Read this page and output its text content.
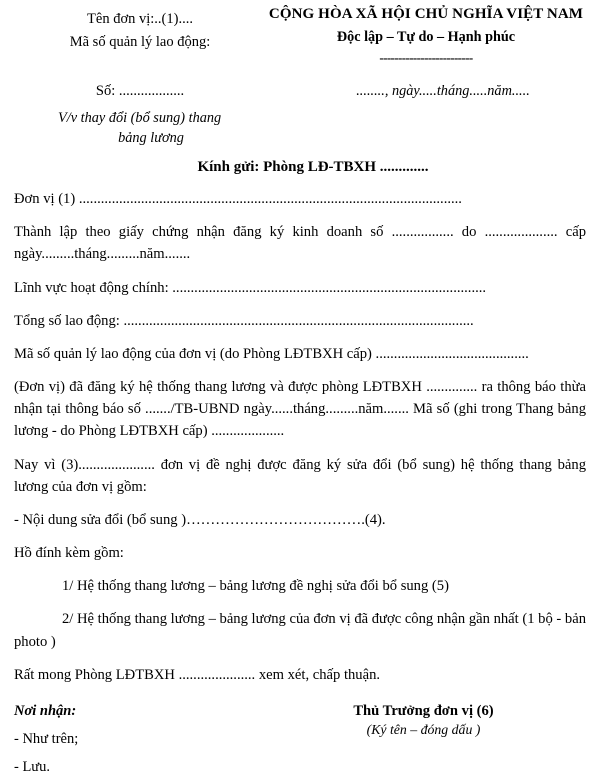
Tên đơn vị:..(1)....
Mã số quản lý lao động:
CỘNG HÒA XÃ HỘI CHỦ NGHĨA VIỆT NAM
Độc lập – Tự do – Hạnh phúc
-------------------------
Số: ..................	........, ngày.....tháng.....năm.....
V/v thay đổi (bổ sung) thang
bảng lương
Kính gửi: Phòng LĐ-TBXH .............

Đơn vị (1) .........................................................................................................

Thành lập theo giấy chứng nhận đăng ký kinh doanh số ................. do .................... cấp ngày.........tháng.........năm.......

Lĩnh vực hoạt động chính: ......................................................................................

Tổng số lao động: ................................................................................................

Mã số quản lý lao động của đơn vị (do Phòng LĐTBXH cấp) ..........................................

(Đơn vị) đã đăng ký hệ thống thang lương và được phòng LĐTBXH .............. ra thông báo thừa nhận tại thông báo số ......./TB-UBND ngày......tháng.........năm....... Mã số (ghi trong Thang bảng lương - do Phòng LĐTBXH cấp) ....................

Nay vì (3)..................... đơn vị đề nghị được đăng ký sửa đổi (bổ sung) hệ thống thang bảng lương của đơn vị gồm:

- Nội dung sửa đổi (bổ sung )……………………………….(4).

Hồ đính kèm gồm:

1/ Hệ thống thang lương – bảng lương đề nghị sửa đổi bổ sung (5)

2/ Hệ thống thang lương – bảng lương của đơn vị đã được công nhận gần nhất (1 bộ - bản photo )

Rất mong Phòng LĐTBXH ..................... xem xét, chấp thuận.

Nơi nhận:
- Như trên;
- Lưu.
Thủ Trưởng đơn vị (6)
(Ký tên – đóng dấu )
